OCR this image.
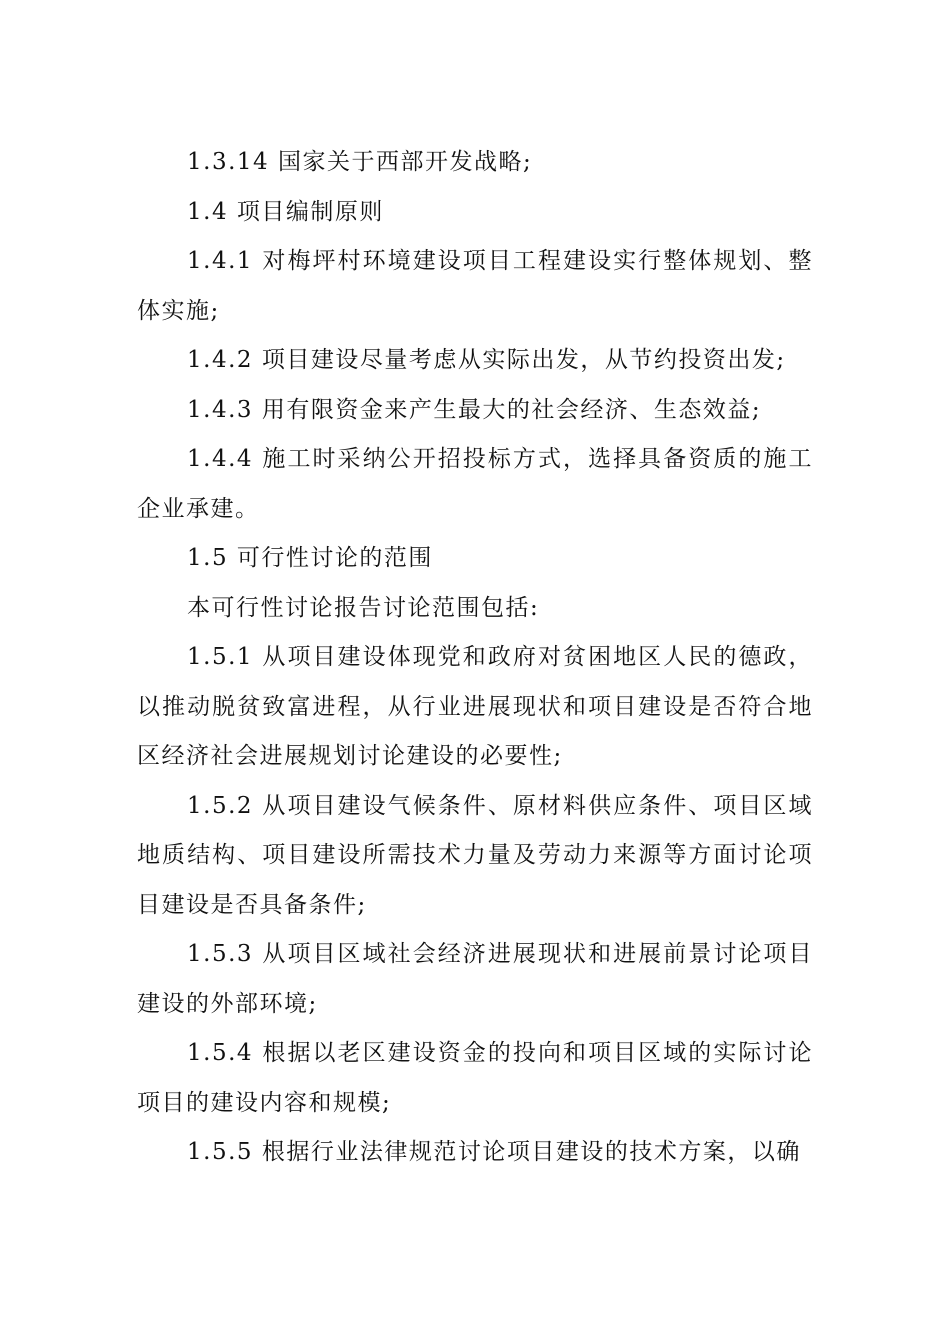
1.3.14 国家关于西部开发战略;

1.4 项目编制原则

1.4.1 对梅坪村环境建设项目工程建设实行整体规划、整体实施;

1.4.2 项目建设尽量考虑从实际出发，从节约投资出发;

1.4.3 用有限资金来产生最大的社会经济、生态效益;

1.4.4 施工时采纳公开招投标方式，选择具备资质的施工企业承建。

1.5 可行性讨论的范围

本可行性讨论报告讨论范围包括:

1.5.1 从项目建设体现党和政府对贫困地区人民的德政，以推动脱贫致富进程，从行业进展现状和项目建设是否符合地区经济社会进展规划讨论建设的必要性;

1.5.2 从项目建设气候条件、原材料供应条件、项目区域地质结构、项目建设所需技术力量及劳动力来源等方面讨论项目建设是否具备条件;

1.5.3 从项目区域社会经济进展现状和进展前景讨论项目建设的外部环境;

1.5.4 根据以老区建设资金的投向和项目区域的实际讨论项目的建设内容和规模;

1.5.5 根据行业法律规范讨论项目建设的技术方案，以确
